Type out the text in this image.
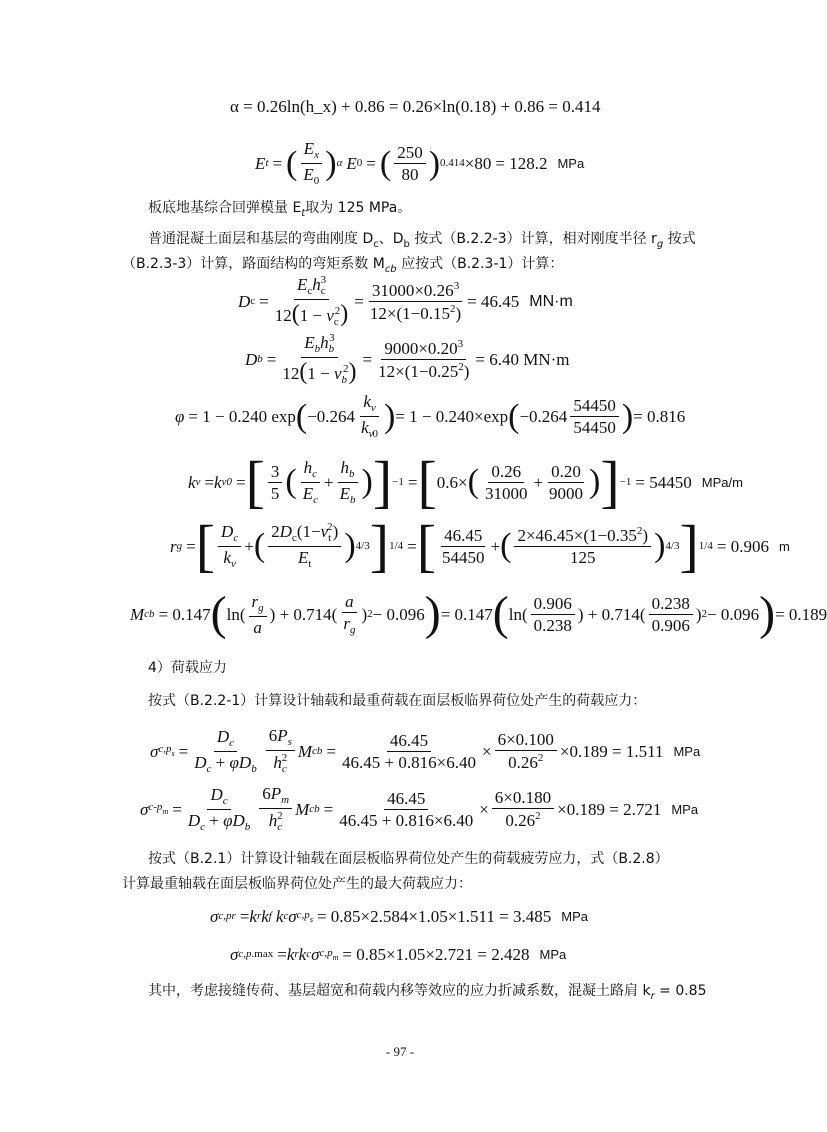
α = 0.26ln(h_x) + 0.86 = 0.26×ln(0.18) + 0.86 = 0.414
E t = ( $\frac{E_x}{E_0}$ ) α E 0 = ( $\frac{250}{80}$ ) 0.414 ×80 = 128.2 MPa
板底地基综合回弹模量 $E_t$取为 125 MPa。
普通混凝土面层和基层的弯曲刚度 $D_c$、$D_b$ 按式（B.2.2-3）计算，相对刚度半径 $r_g$ 按式
（B.2.3-3）计算，路面结构的弯矩系数 $M_{cb}$ 应按式（B.2.3-1）计算：
D $c = \frac{E_ch_c^3}{12(1 - v_c^2)} = \frac{31000\times 0.26^3}{12\times(1-0.15^2)} = 46.45$ MN·m
D $b = \frac{E_bh_b^3}{12(1 - v_b^2)} = \frac{9000\times 0.20^3}{12\times(1-0.25^2)} = 6.40$ MN·m
φ = 1 − 0.240 exp ( $-0.264 \frac{k_v}{k_{v0}}$ ) = 1 − 0.240×exp ( $-0.264 \frac{54450}{54450}$ ) = 0.816
k v = k v0 = [ $\frac{3}{5}$ ( $\frac{h_c}{E_c} + \frac{h_b}{E_b}$ ) ] −1 = [ 0.6× ( $\frac{0.26}{31000} + \frac{0.20}{9000}$ ) ] −1 = 54450 MPa/m
r g = [ $\frac{D_c}{k_v}$ + ( $\frac{2D_c(1-v_t^2)}{E_t}$ ) 4/3 ] 1/4 = [ $\frac{46.45}{54450}$ + ( $\frac{2\times 46.45\times(1-0.35^2)}{125}$ ) 4/3 ] 1/4 = 0.906 m
M cb = 0.147 ( $\ln( \frac{r_g}{a}$ ) + $0.714( \frac{a}{r_g}$ ) 2 − 0.096 ) = 0.147 ( $\ln( \frac{0.906}{0.238}$ ) + $0.714( \frac{0.238}{0.906}$ ) 2 − 0.096 ) = 0.189
4）荷载应力
按式（B.2.2-1）计算设计轴载和最重荷载在面层板临界荷位处产生的荷载应力：
σ $c,p_s = \frac{D_c}{D_c + \varphi D_b} \frac{6P_s}{h_c^2}$ M cb = $\frac{46.45}{46.45 + 0.816\times 6.40} \times \frac{6\times 0.100}{0.26^2} \times 0.189 = 1.511$ MPa
σ $c-p_m = \frac{D_c}{D_c + \varphi D_b} \frac{6P_m}{h_c^2}$ M cb = $\frac{46.45}{46.45 + 0.816\times 6.40} \times \frac{6\times 0.180}{0.26^2} \times 0.189 = 2.721$ MPa
按式（B.2.1）计算设计轴载在面层板临界荷位处产生的荷载疲劳应力，式（B.2.8）
计算最重轴载在面层板临界荷位处产生的最大荷载应力：
σ c,pr = k r k f k c σ $c,p_s = 0.85\times 2.584\times 1.05\times 1.511 = 3.485$ MPa
σ c,p. max = k r k c σ $c,p_m = 0.85\times 1.05\times 2.721 = 2.428$ MPa
其中，考虑接缝传荷、基层超宽和荷载内移等效应的应力折减系数，混凝土路肩 $k_r = 0.85$
- 97 -
